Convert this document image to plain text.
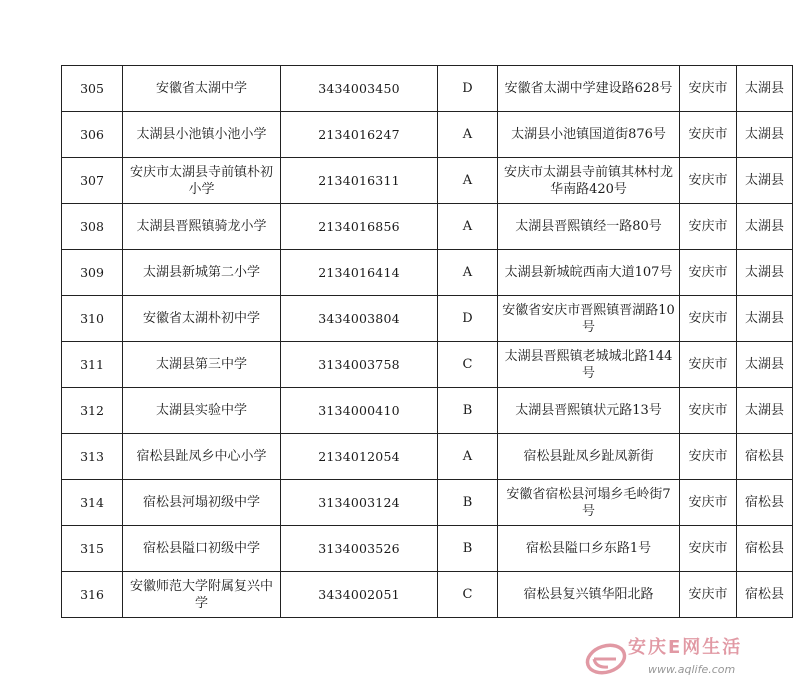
305	安徽省太湖中学	3434003450	D	安徽省太湖中学建设路628号	安庆市	太湖县
306	太湖县小池镇小池小学	2134016247	A	太湖县小池镇国道街876号	安庆市	太湖县
307	安庆市太湖县寺前镇朴初小学	2134016311	A	安庆市太湖县寺前镇其林村龙华南路420号	安庆市	太湖县
308	太湖县晋熙镇骑龙小学	2134016856	A	太湖县晋熙镇经一路80号	安庆市	太湖县
309	太湖县新城第二小学	2134016414	A	太湖县新城皖西南大道107号	安庆市	太湖县
310	安徽省太湖朴初中学	3434003804	D	安徽省安庆市晋熙镇晋湖路10号	安庆市	太湖县
311	太湖县第三中学	3134003758	C	太湖县晋熙镇老城城北路144号	安庆市	太湖县
312	太湖县实验中学	3134000410	B	太湖县晋熙镇状元路13号	安庆市	太湖县
313	宿松县趾凤乡中心小学	2134012054	A	宿松县趾凤乡趾凤新街	安庆市	宿松县
314	宿松县河塌初级中学	3134003124	B	安徽省宿松县河塌乡毛岭街7号	安庆市	宿松县
315	宿松县隘口初级中学	3134003526	B	宿松县隘口乡东路1号	安庆市	宿松县
316	安徽师范大学附属复兴中学	3434002051	C	宿松县复兴镇华阳北路	安庆市	宿松县
安庆E网生活
www.aqlife.com
